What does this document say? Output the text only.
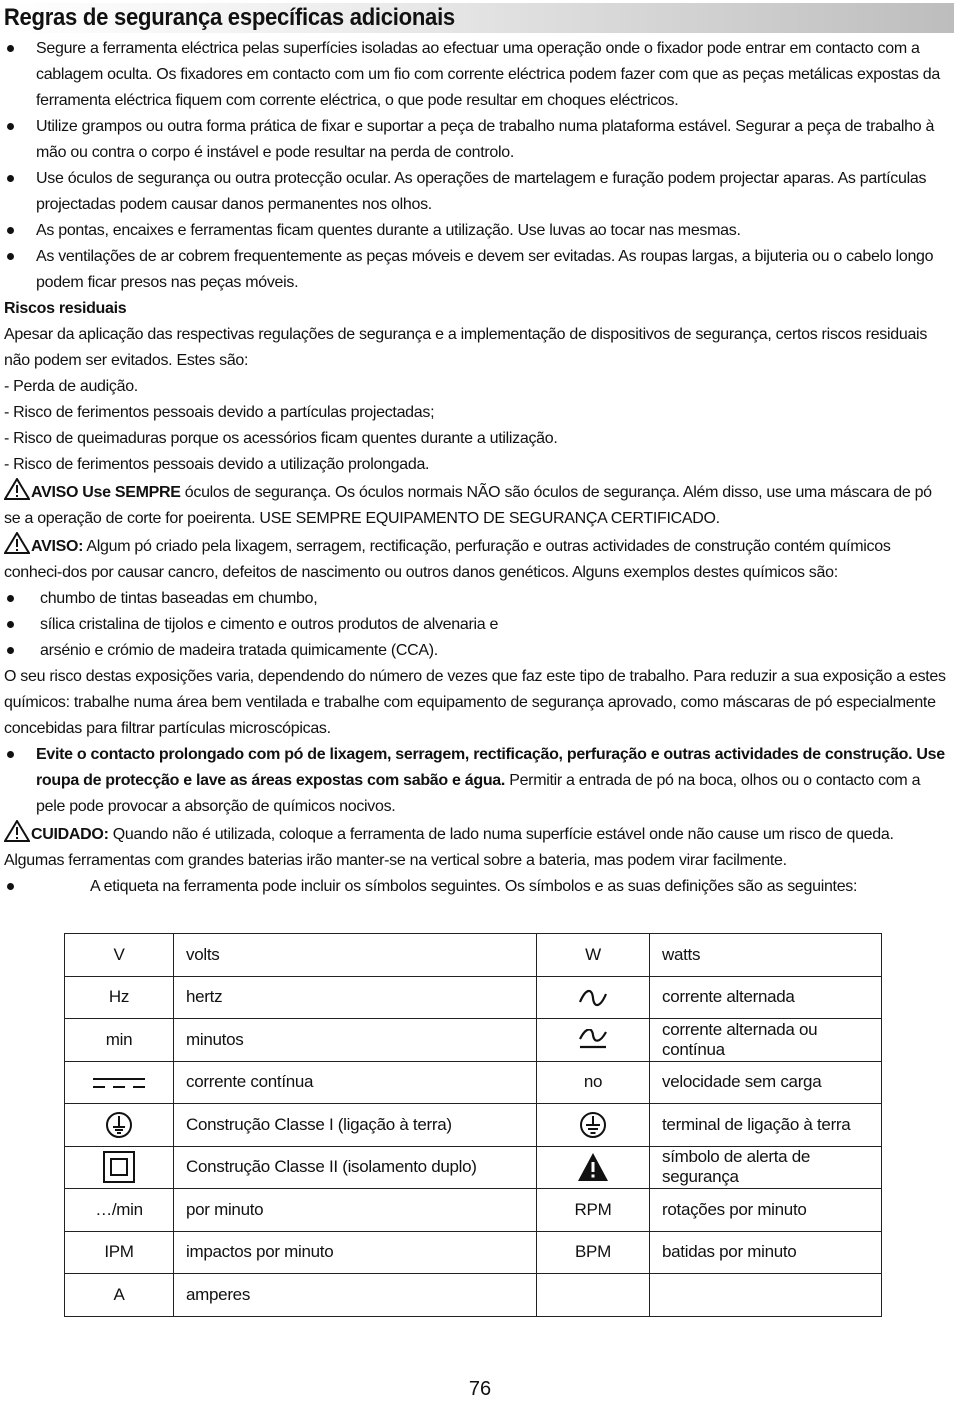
Regras de segurança específicas adicionais
Segure a ferramenta eléctrica pelas superfícies isoladas ao efectuar uma operação onde o fixador pode entrar em contacto com a cablagem oculta. Os fixadores em contacto com um fio com corrente eléctrica podem fazer com que as peças metálicas expostas da ferramenta eléctrica fiquem com corrente eléctrica, o que pode resultar em choques eléctricos.
Utilize grampos ou outra forma prática de fixar e suportar a peça de trabalho numa plataforma estável. Segurar a peça de trabalho à mão ou contra o corpo é instável e pode resultar na perda de controlo.
Use óculos de segurança ou outra protecção ocular. As operações de martelagem e furação podem projectar aparas. As partículas projectadas podem causar danos permanentes nos olhos.
As pontas, encaixes e ferramentas ficam quentes durante a utilização. Use luvas ao tocar nas mesmas.
As ventilações de ar cobrem frequentemente as peças móveis e devem ser evitadas. As roupas largas, a bijuteria ou o cabelo longo podem ficar presos nas peças móveis.
Riscos residuais
Apesar da aplicação das respectivas regulações de segurança e a implementação de dispositivos de segurança, certos riscos residuais não podem ser evitados. Estes são:
- Perda de audição.
- Risco de ferimentos pessoais devido a partículas projectadas;
- Risco de queimaduras porque os acessórios ficam quentes durante a utilização.
- Risco de ferimentos pessoais devido a utilização prolongada.
AVISO Use SEMPRE óculos de segurança. Os óculos normais NÃO são óculos de segurança. Além disso, use uma máscara de pó se a operação de corte for poeirenta. USE SEMPRE EQUIPAMENTO DE SEGURANÇA CERTIFICADO.
AVISO: Algum pó criado pela lixagem, serragem, rectificação, perfuração e outras actividades de construção contém químicos conheci-dos por causar cancro, defeitos de nascimento ou outros danos genéticos. Alguns exemplos destes químicos são:
chumbo de tintas baseadas em chumbo,
sílica cristalina de tijolos e cimento e outros produtos de alvenaria e
arsénio e crómio de madeira tratada quimicamente (CCA).
O seu risco destas exposições varia, dependendo do número de vezes que faz este tipo de trabalho. Para reduzir a sua exposição a estes químicos: trabalhe numa área bem ventilada e trabalhe com equipamento de segurança aprovado, como máscaras de pó especialmente concebidas para filtrar partículas microscópicas.
Evite o contacto prolongado com pó de lixagem, serragem, rectificação, perfuração e outras actividades de construção. Use roupa de protecção e lave as áreas expostas com sabão e água. Permitir a entrada de pó na boca, olhos ou o contacto com a pele pode provocar a absorção de químicos nocivos.
CUIDADO: Quando não é utilizada, coloque a ferramenta de lado numa superfície estável onde não cause um risco de queda. Algumas ferramentas com grandes baterias irão manter-se na vertical sobre a bateria, mas podem virar facilmente.
A etiqueta na ferramenta pode incluir os símbolos seguintes. Os símbolos e as suas definições são as seguintes:
V	volts	W	watts
Hz	hertz		corrente alternada
min	minutos		corrente alternada ou contínua
	corrente contínua	no	velocidade sem carga
	Construção Classe I (ligação à terra)		terminal de ligação à terra
	Construção Classe II (isolamento duplo)		símbolo de alerta de segurança
…/min	por minuto	RPM	rotações por minuto
IPM	impactos por minuto	BPM	batidas por minuto
A	amperes		
76
